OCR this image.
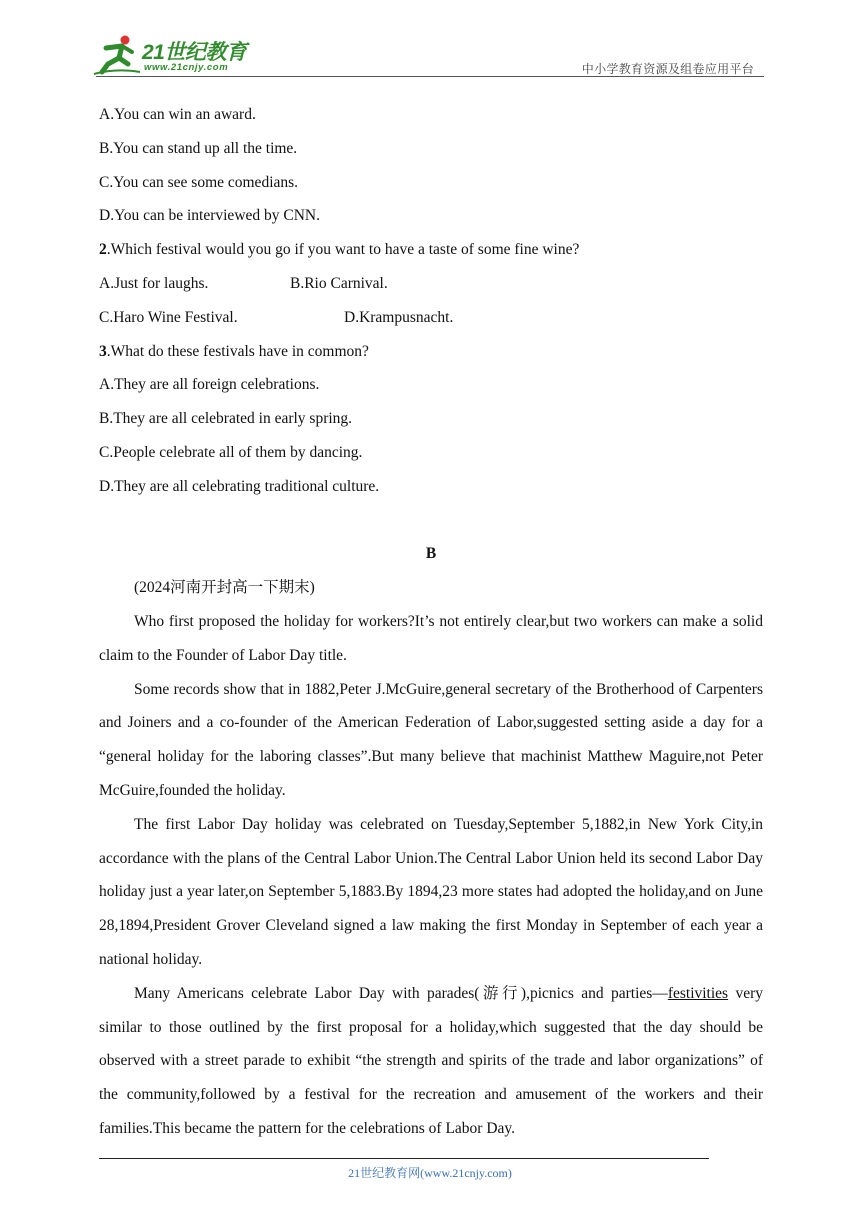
21世纪教育
www.21cnjy.com	中小学教育资源及组卷应用平台
A.You can win an award.
B.You can stand up all the time.
C.You can see some comedians.
D.You can be interviewed by CNN.
2.Which festival would you go if you want to have a taste of some fine wine?
A.Just for laughs.	B.Rio Carnival.
C.Haro Wine Festival.	D.Krampusnacht.
3.What do these festivals have in common?
A.They are all foreign celebrations.
B.They are all celebrated in early spring.
C.People celebrate all of them by dancing.
D.They are all celebrating traditional culture.
B
(2024河南开封高一下期末)

Who first proposed the holiday for workers?It’s not entirely clear,but two workers can make a solid claim to the Founder of Labor Day title.

Some records show that in 1882,Peter J.McGuire,general secretary of the Brotherhood of Carpenters and Joiners and a co-founder of the American Federation of Labor,suggested setting aside a day for a “general holiday for the laboring classes”.But many believe that machinist Matthew Maguire,not Peter McGuire,founded the holiday.

The first Labor Day holiday was celebrated on Tuesday,September 5,1882,in New York City,in accordance with the plans of the Central Labor Union.The Central Labor Union held its second Labor Day holiday just a year later,on September 5,1883.By 1894,23 more states had adopted the holiday,and on June 28,1894,President Grover Cleveland signed a law making the first Monday in September of each year a national holiday.

Many Americans celebrate Labor Day with parades(游行),picnics and parties—festivities very similar to those outlined by the first proposal for a holiday,which suggested that the day should be observed with a street parade to exhibit “the strength and spirits of the trade and labor organizations” of the community,followed by a festival for the recreation and amusement of the workers and their families.This became the pattern for the celebrations of Labor Day.

21世纪教育网(www.21cnjy.com)
